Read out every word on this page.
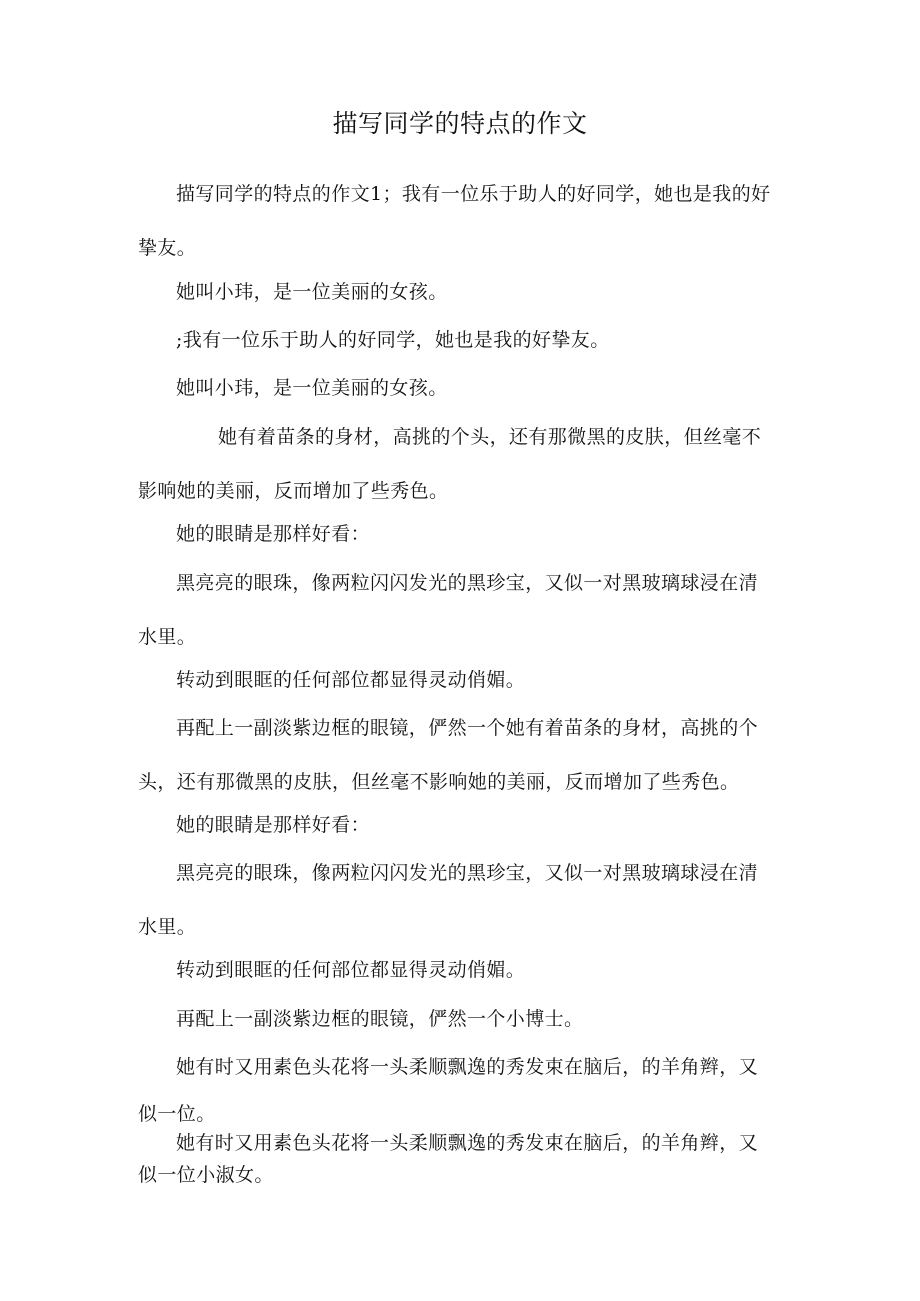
描写同学的特点的作文

描写同学的特点的作文1；我有一位乐于助人的好同学，她也是我的好
挚友。

她叫小玮，是一位美丽的女孩。

;我有一位乐于助人的好同学，她也是我的好挚友。

她叫小玮，是一位美丽的女孩。

她有着苗条的身材，高挑的个头，还有那微黑的皮肤，但丝毫不
影响她的美丽，反而增加了些秀色。

她的眼睛是那样好看：

黑亮亮的眼珠，像两粒闪闪发光的黑珍宝，又似一对黑玻璃球浸在清
水里。

转动到眼眶的任何部位都显得灵动俏媚。

再配上一副淡紫边框的眼镜，俨然一个她有着苗条的身材，高挑的个
头，还有那微黑的皮肤，但丝毫不影响她的美丽，反而增加了些秀色。

她的眼睛是那样好看：

黑亮亮的眼珠，像两粒闪闪发光的黑珍宝，又似一对黑玻璃球浸在清
水里。

转动到眼眶的任何部位都显得灵动俏媚。

再配上一副淡紫边框的眼镜，俨然一个小博士。

她有时又用素色头花将一头柔顺飘逸的秀发束在脑后，的羊角辫，又
似一位。

她有时又用素色头花将一头柔顺飘逸的秀发束在脑后，的羊角辫，又
似一位小淑女。
